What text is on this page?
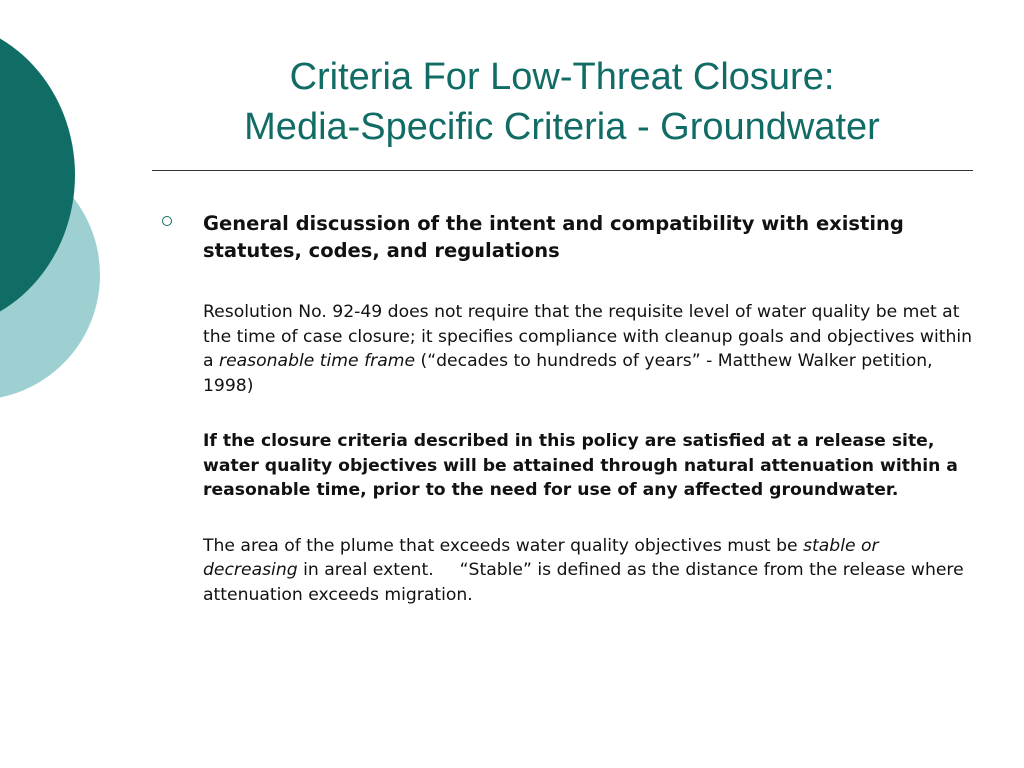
Criteria For Low-Threat Closure:
Media-Specific Criteria - Groundwater

General discussion of the intent and compatibility with existing statutes, codes, and regulations

Resolution No. 92-49 does not require that the requisite level of water quality be met at the time of case closure; it specifies compliance with cleanup goals and objectives within a reasonable time frame (“decades to hundreds of years” - Matthew Walker petition, 1998)

If the closure criteria described in this policy are satisfied at a release site, water quality objectives will be attained through natural attenuation within a reasonable time, prior to the need for use of any affected groundwater.

The area of the plume that exceeds water quality objectives must be stable or decreasing in areal extent. “Stable” is defined as the distance from the release where attenuation exceeds migration.
